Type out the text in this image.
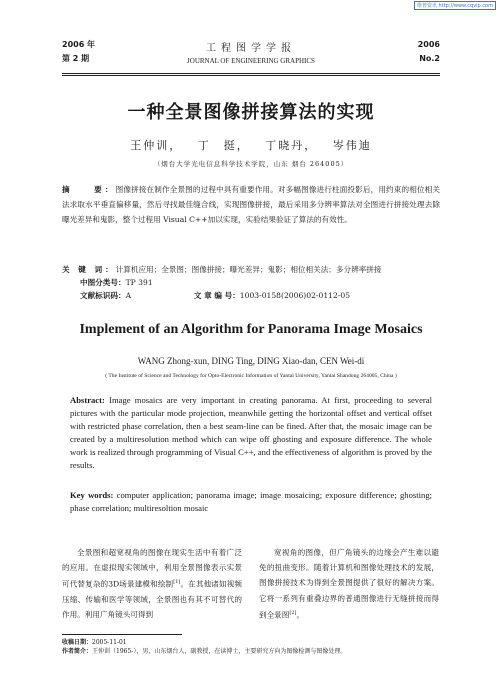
维普资讯 http://www.cqvip.com
2006 年
第 2 期
工程图学学报
JOURNAL OF ENGINEERING GRAPHICS
2006
No.2
一种全景图像拼接算法的实现
王仲训， 丁　挺， 丁晓丹， 岑伟迪
（烟台大学光电信息科学技术学院，山东 烟台 264005）
摘　　要：图像拼接在制作全景图的过程中具有重要作用。对多幅图像进行柱面投影后，用约束的相位相关法求取水平垂直偏移量，然后寻找最佳缝合线，实现图像拼接，最后采用多分辨率算法对全图进行拼接处理去除曝光差异和鬼影，整个过程用 Visual C++加以实现，实验结果验证了算法的有效性。
关 键 词：计算机应用；全景图；图像拼接；曝光差异；鬼影；相位相关法；多分辨率拼接
中图分类号：TP 391
文献标识码：A	文 章 编 号：1003-0158(2006)02-0112-05
Implement of an Algorithm for Panorama Image Mosaics
WANG Zhong-xun, DING Ting, DING Xiao-dan, CEN Wei-di
( The Institute of Science and Technology for Opto-Electronic Information of Yantai University, Yantai Shandong 264005, China )
Abstract: Image mosaics are very important in creating panorama. At first, proceeding to several pictures with the particular mode projection, meanwhile getting the horizontal offset and vertical offset with restricted phase correlation, then a best seam-line can be fined. After that, the mosaic image can be created by a multiresolution method which can wipe off ghosting and exposure difference. The whole work is realized through programming of Visual C++, and the effectiveness of algorithm is proved by the results.
Key words: computer application; panorama image; image mosaicing; exposure difference; ghosting; phase correlation; multiresoltion mosaic
全景图和超宽视角的图像在现实生活中有着广泛的应用。在虚拟现实领域中，利用全景图像表示实景可代替复杂的3D场景建模和绘制[1]。在其他诸如视频压缩、传输和医学等领域，全景图也有其不可替代的作用。利用广角镜头可得到
宽视角的图像，但广角镜头的边缘会产生难以避免的扭曲变形。随着计算机和图像处理技术的发展，图像拼接技术为得到全景图提供了很好的解决方案。它将一系列有重叠边界的普通图像进行无缝拼接而得到全景图[2]。
收稿日期：2005-11-01
作者简介：王仲训（1965-），男，山东烟台人，副教授，在读博士，主要研究方向为图像检测与图像处理。
